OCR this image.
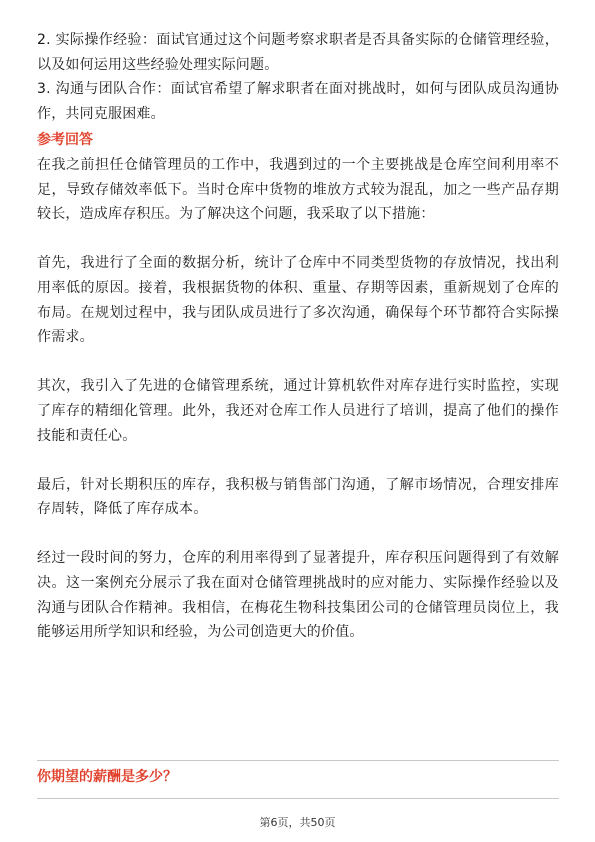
2. 实际操作经验：面试官通过这个问题考察求职者是否具备实际的仓储管理经验，以及如何运用这些经验处理实际问题。

3. 沟通与团队合作：面试官希望了解求职者在面对挑战时，如何与团队成员沟通协作，共同克服困难。

参考回答

在我之前担任仓储管理员的工作中，我遇到过的一个主要挑战是仓库空间利用率不足，导致存储效率低下。当时仓库中货物的堆放方式较为混乱，加之一些产品存期较长，造成库存积压。为了解决这个问题，我采取了以下措施：

首先，我进行了全面的数据分析，统计了仓库中不同类型货物的存放情况，找出利用率低的原因。接着，我根据货物的体积、重量、存期等因素，重新规划了仓库的布局。在规划过程中，我与团队成员进行了多次沟通，确保每个环节都符合实际操作需求。

其次，我引入了先进的仓储管理系统，通过计算机软件对库存进行实时监控，实现了库存的精细化管理。此外，我还对仓库工作人员进行了培训，提高了他们的操作技能和责任心。

最后，针对长期积压的库存，我积极与销售部门沟通，了解市场情况，合理安排库存周转，降低了库存成本。

经过一段时间的努力，仓库的利用率得到了显著提升，库存积压问题得到了有效解决。这一案例充分展示了我在面对仓储管理挑战时的应对能力、实际操作经验以及沟通与团队合作精神。我相信，在梅花生物科技集团公司的仓储管理员岗位上，我能够运用所学知识和经验，为公司创造更大的价值。

你期望的薪酬是多少？

第6页，共50页
